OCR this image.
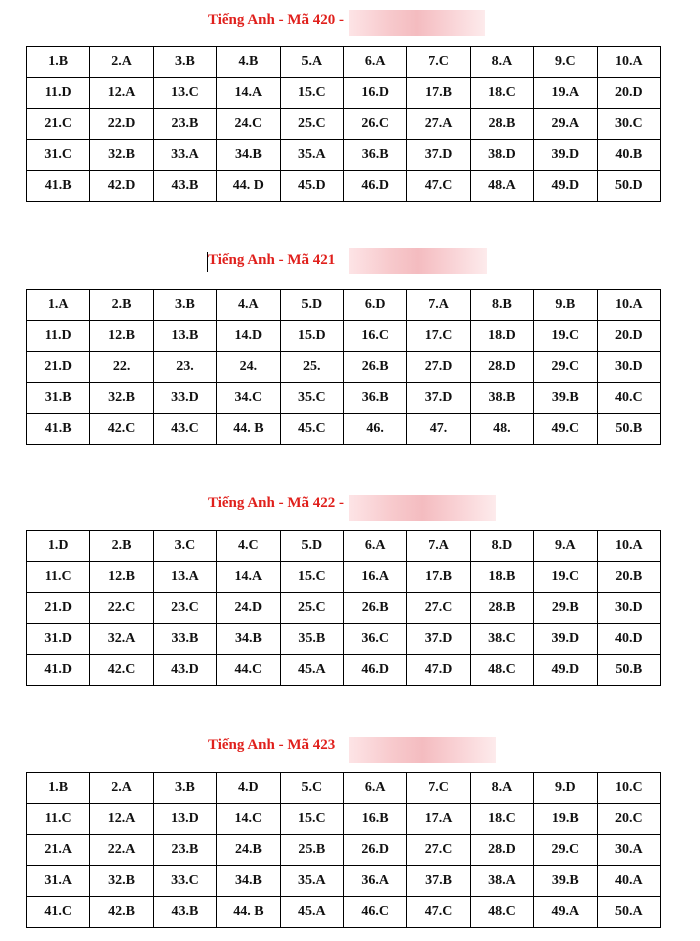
Tiếng Anh - Mã 420 -
1.B	2.A	3.B	4.B	5.A	6.A	7.C	8.A	9.C	10.A
11.D	12.A	13.C	14.A	15.C	16.D	17.B	18.C	19.A	20.D
21.C	22.D	23.B	24.C	25.C	26.C	27.A	28.B	29.A	30.C
31.C	32.B	33.A	34.B	35.A	36.B	37.D	38.D	39.D	40.B
41.B	42.D	43.B	44. D	45.D	46.D	47.C	48.A	49.D	50.D
Tiếng Anh - Mã 421
1.A	2.B	3.B	4.A	5.D	6.D	7.A	8.B	9.B	10.A
11.D	12.B	13.B	14.D	15.D	16.C	17.C	18.D	19.C	20.D
21.D	22.	23.	24.	25.	26.B	27.D	28.D	29.C	30.D
31.B	32.B	33.D	34.C	35.C	36.B	37.D	38.B	39.B	40.C
41.B	42.C	43.C	44. B	45.C	46.	47.	48.	49.C	50.B
Tiếng Anh - Mã 422 -
1.D	2.B	3.C	4.C	5.D	6.A	7.A	8.D	9.A	10.A
11.C	12.B	13.A	14.A	15.C	16.A	17.B	18.B	19.C	20.B
21.D	22.C	23.C	24.D	25.C	26.B	27.C	28.B	29.B	30.D
31.D	32.A	33.B	34.B	35.B	36.C	37.D	38.C	39.D	40.D
41.D	42.C	43.D	44.C	45.A	46.D	47.D	48.C	49.D	50.B
Tiếng Anh - Mã 423
1.B	2.A	3.B	4.D	5.C	6.A	7.C	8.A	9.D	10.C
11.C	12.A	13.D	14.C	15.C	16.B	17.A	18.C	19.B	20.C
21.A	22.A	23.B	24.B	25.B	26.D	27.C	28.D	29.C	30.A
31.A	32.B	33.C	34.B	35.A	36.A	37.B	38.A	39.B	40.A
41.C	42.B	43.B	44. B	45.A	46.C	47.C	48.C	49.A	50.A
